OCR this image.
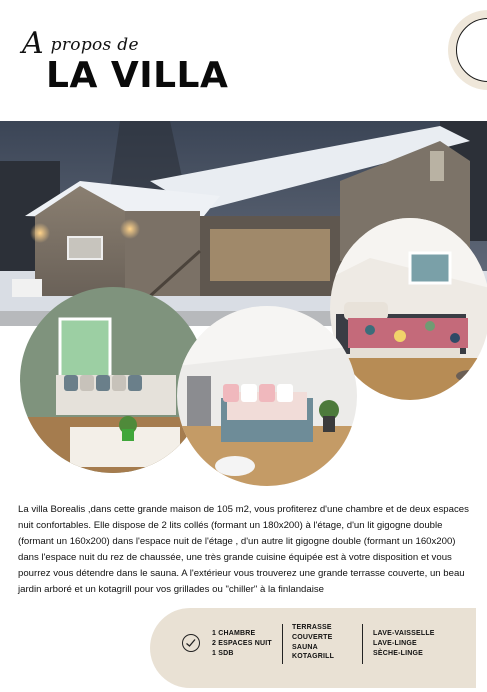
A propos de
LA VILLA
La villa Borealis ,dans cette grande maison de 105 m2, vous profiterez d'une chambre et de deux espaces nuit confortables. Elle dispose de 2 lits collés (formant un 180x200) à l'étage, d'un lit gigogne double (formant un 160x200) dans l'espace nuit de l'étage , d'un autre lit gigogne double (formant un 160x200) dans l'espace nuit du rez de chaussée, une très grande cuisine équipée est à votre disposition et vous pourrez vous détendre dans le sauna. A l'extérieur vous trouverez une grande terrasse couverte, un beau jardin arboré et un kotagrill pour vos grillades ou "chiller" à la finlandaise
1 CHAMBRE
2 ESPACES NUIT
1 SDB
TERRASSE
COUVERTE
SAUNA
KOTAGRILL
LAVE-VAISSELLE
LAVE-LINGE
SÈCHE-LINGE
